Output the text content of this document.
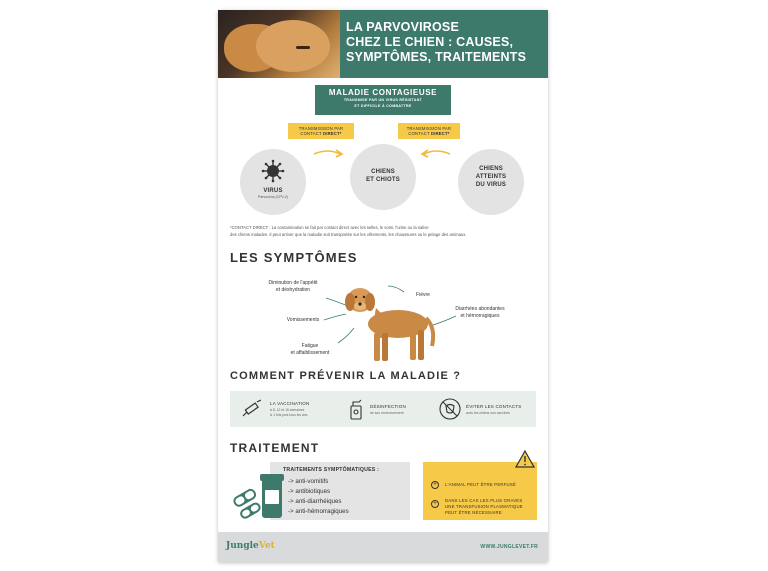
LA PARVOVIROSE
CHEZ LE CHIEN : CAUSES,
SYMPTÔMES, TRAITEMENTS
MALADIE CONTAGIEUSE
TRANSMISE PAR UN VIRUS RÉSISTANT
ET DIFFICILE À COMBATTRE
TRANSMISSION PAR
CONTACT DIRECT*
TRANSMISSION PAR
CONTACT DIRECT*
VIRUS
Parvovirus (CPV-2)
CHIENS
ET CHIOTS
CHIENS
ATTEINTS
DU VIRUS
*CONTACT DIRECT : La contamination se fait par contact direct avec les selles, le vomi, l'urine ou la salive
des chiens malades. Il peut arriver que la maladie soit transportée sur les vêtements, les chaussures ou le pelage des animaux.
LES SYMPTÔMES
Diminution de l'appétit
et déshydration
Vomissements
Fatigue
et affaiblissement
Fièvre
Diarrhées abondantes
et hémorragiques
COMMENT PRÉVENIR LA MALADIE ?
LA VACCINATION
à 8, 12 et 16 semaines
& 1 fois puis tous les ans
DÉSINFECTION
de son environnement
ÉVITER LES CONTACTS
avec les chiens non vaccinés
TRAITEMENT
TRAITEMENTS SYMPTÔMATIQUES :
-> anti-vomitifs
-> antibiotiques
-> anti-diarrhéiques
-> anti-hémorragiques
+	L'ANIMAL PEUT ÊTRE PERFUSÉ
+
DANS LES CAS LES PLUS GRAVES
UNE TRANSFUSION PLASMATIQUE
PEUT ÊTRE NÉCESSAIRE
JungleVet	WWW.JUNGLEVET.FR
